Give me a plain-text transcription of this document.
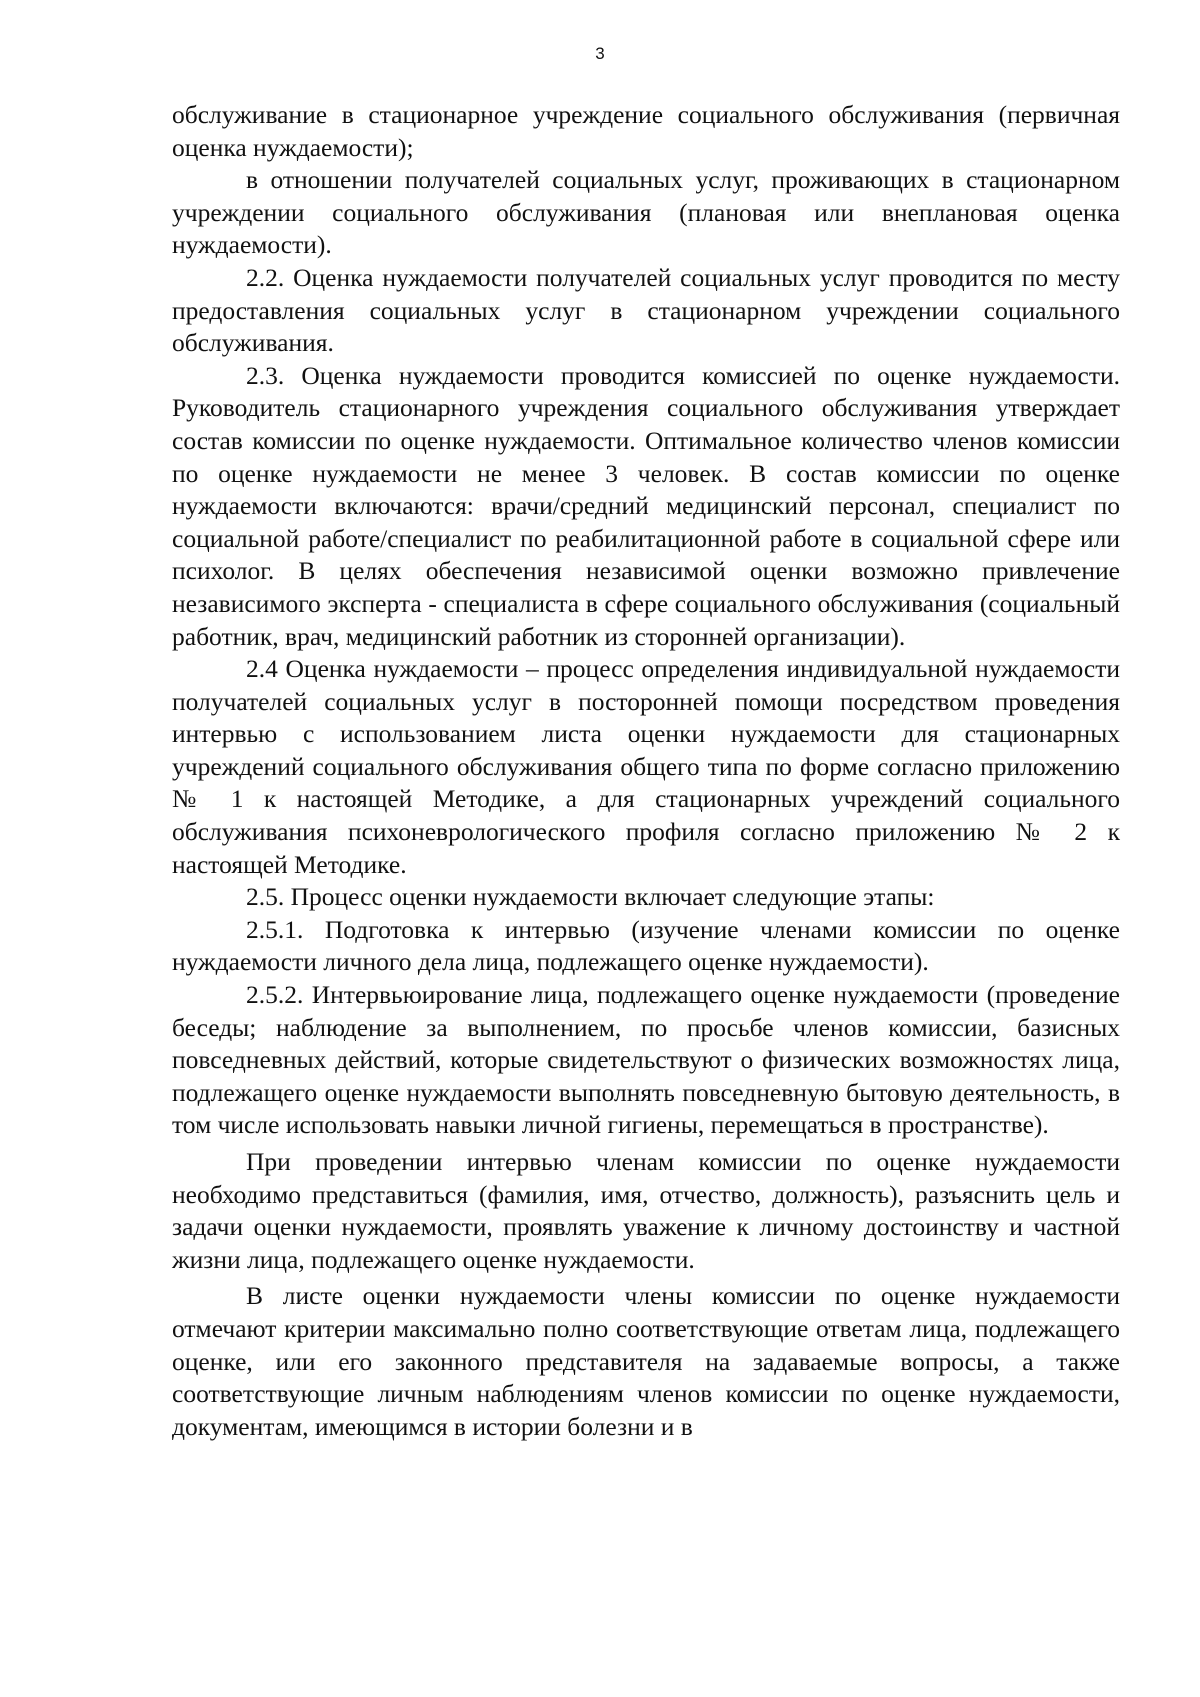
3

обслуживание в стационарное учреждение социального обслуживания (первичная оценка нуждаемости);

в отношении получателей социальных услуг, проживающих в стационарном учреждении социального обслуживания (плановая или внеплановая оценка нуждаемости).

2.2. Оценка нуждаемости получателей социальных услуг проводится по месту предоставления социальных услуг в стационарном учреждении социального обслуживания.

2.3. Оценка нуждаемости проводится комиссией по оценке нуждаемости. Руководитель стационарного учреждения социального обслуживания утверждает состав комиссии по оценке нуждаемости. Оптимальное количество членов комиссии по оценке нуждаемости не менее 3 человек. В состав комиссии по оценке нуждаемости включаются: врачи/средний медицинский персонал, специалист по социальной работе/специалист по реабилитационной работе в социальной сфере или психолог. В целях обеспечения независимой оценки возможно привлечение независимого эксперта - специалиста в сфере социального обслуживания (социальный работник, врач, медицинский работник из сторонней организации).

2.4 Оценка нуждаемости – процесс определения индивидуальной нуждаемости получателей социальных услуг в посторонней помощи посредством проведения интервью с использованием листа оценки нуждаемости для стационарных учреждений социального обслуживания общего типа по форме согласно приложению № 1 к настоящей Методике, а для стационарных учреждений социального обслуживания психоневрологического профиля согласно приложению № 2 к настоящей Методике.

2.5. Процесс оценки нуждаемости включает следующие этапы:

2.5.1. Подготовка к интервью (изучение членами комиссии по оценке нуждаемости личного дела лица, подлежащего оценке нуждаемости).

2.5.2. Интервьюирование лица, подлежащего оценке нуждаемости (проведение беседы; наблюдение за выполнением, по просьбе членов комиссии, базисных повседневных действий, которые свидетельствуют о физических возможностях лица, подлежащего оценке нуждаемости выполнять повседневную бытовую деятельность, в том числе использовать навыки личной гигиены, перемещаться в пространстве).

При проведении интервью членам комиссии по оценке нуждаемости необходимо представиться (фамилия, имя, отчество, должность), разъяснить цель и задачи оценки нуждаемости, проявлять уважение к личному достоинству и частной жизни лица, подлежащего оценке нуждаемости.

В листе оценки нуждаемости члены комиссии по оценке нуждаемости отмечают критерии максимально полно соответствующие ответам лица, подлежащего оценке, или его законного представителя на задаваемые вопросы, а также соответствующие личным наблюдениям членов комиссии по оценке нуждаемости, документам, имеющимся в истории болезни и в
